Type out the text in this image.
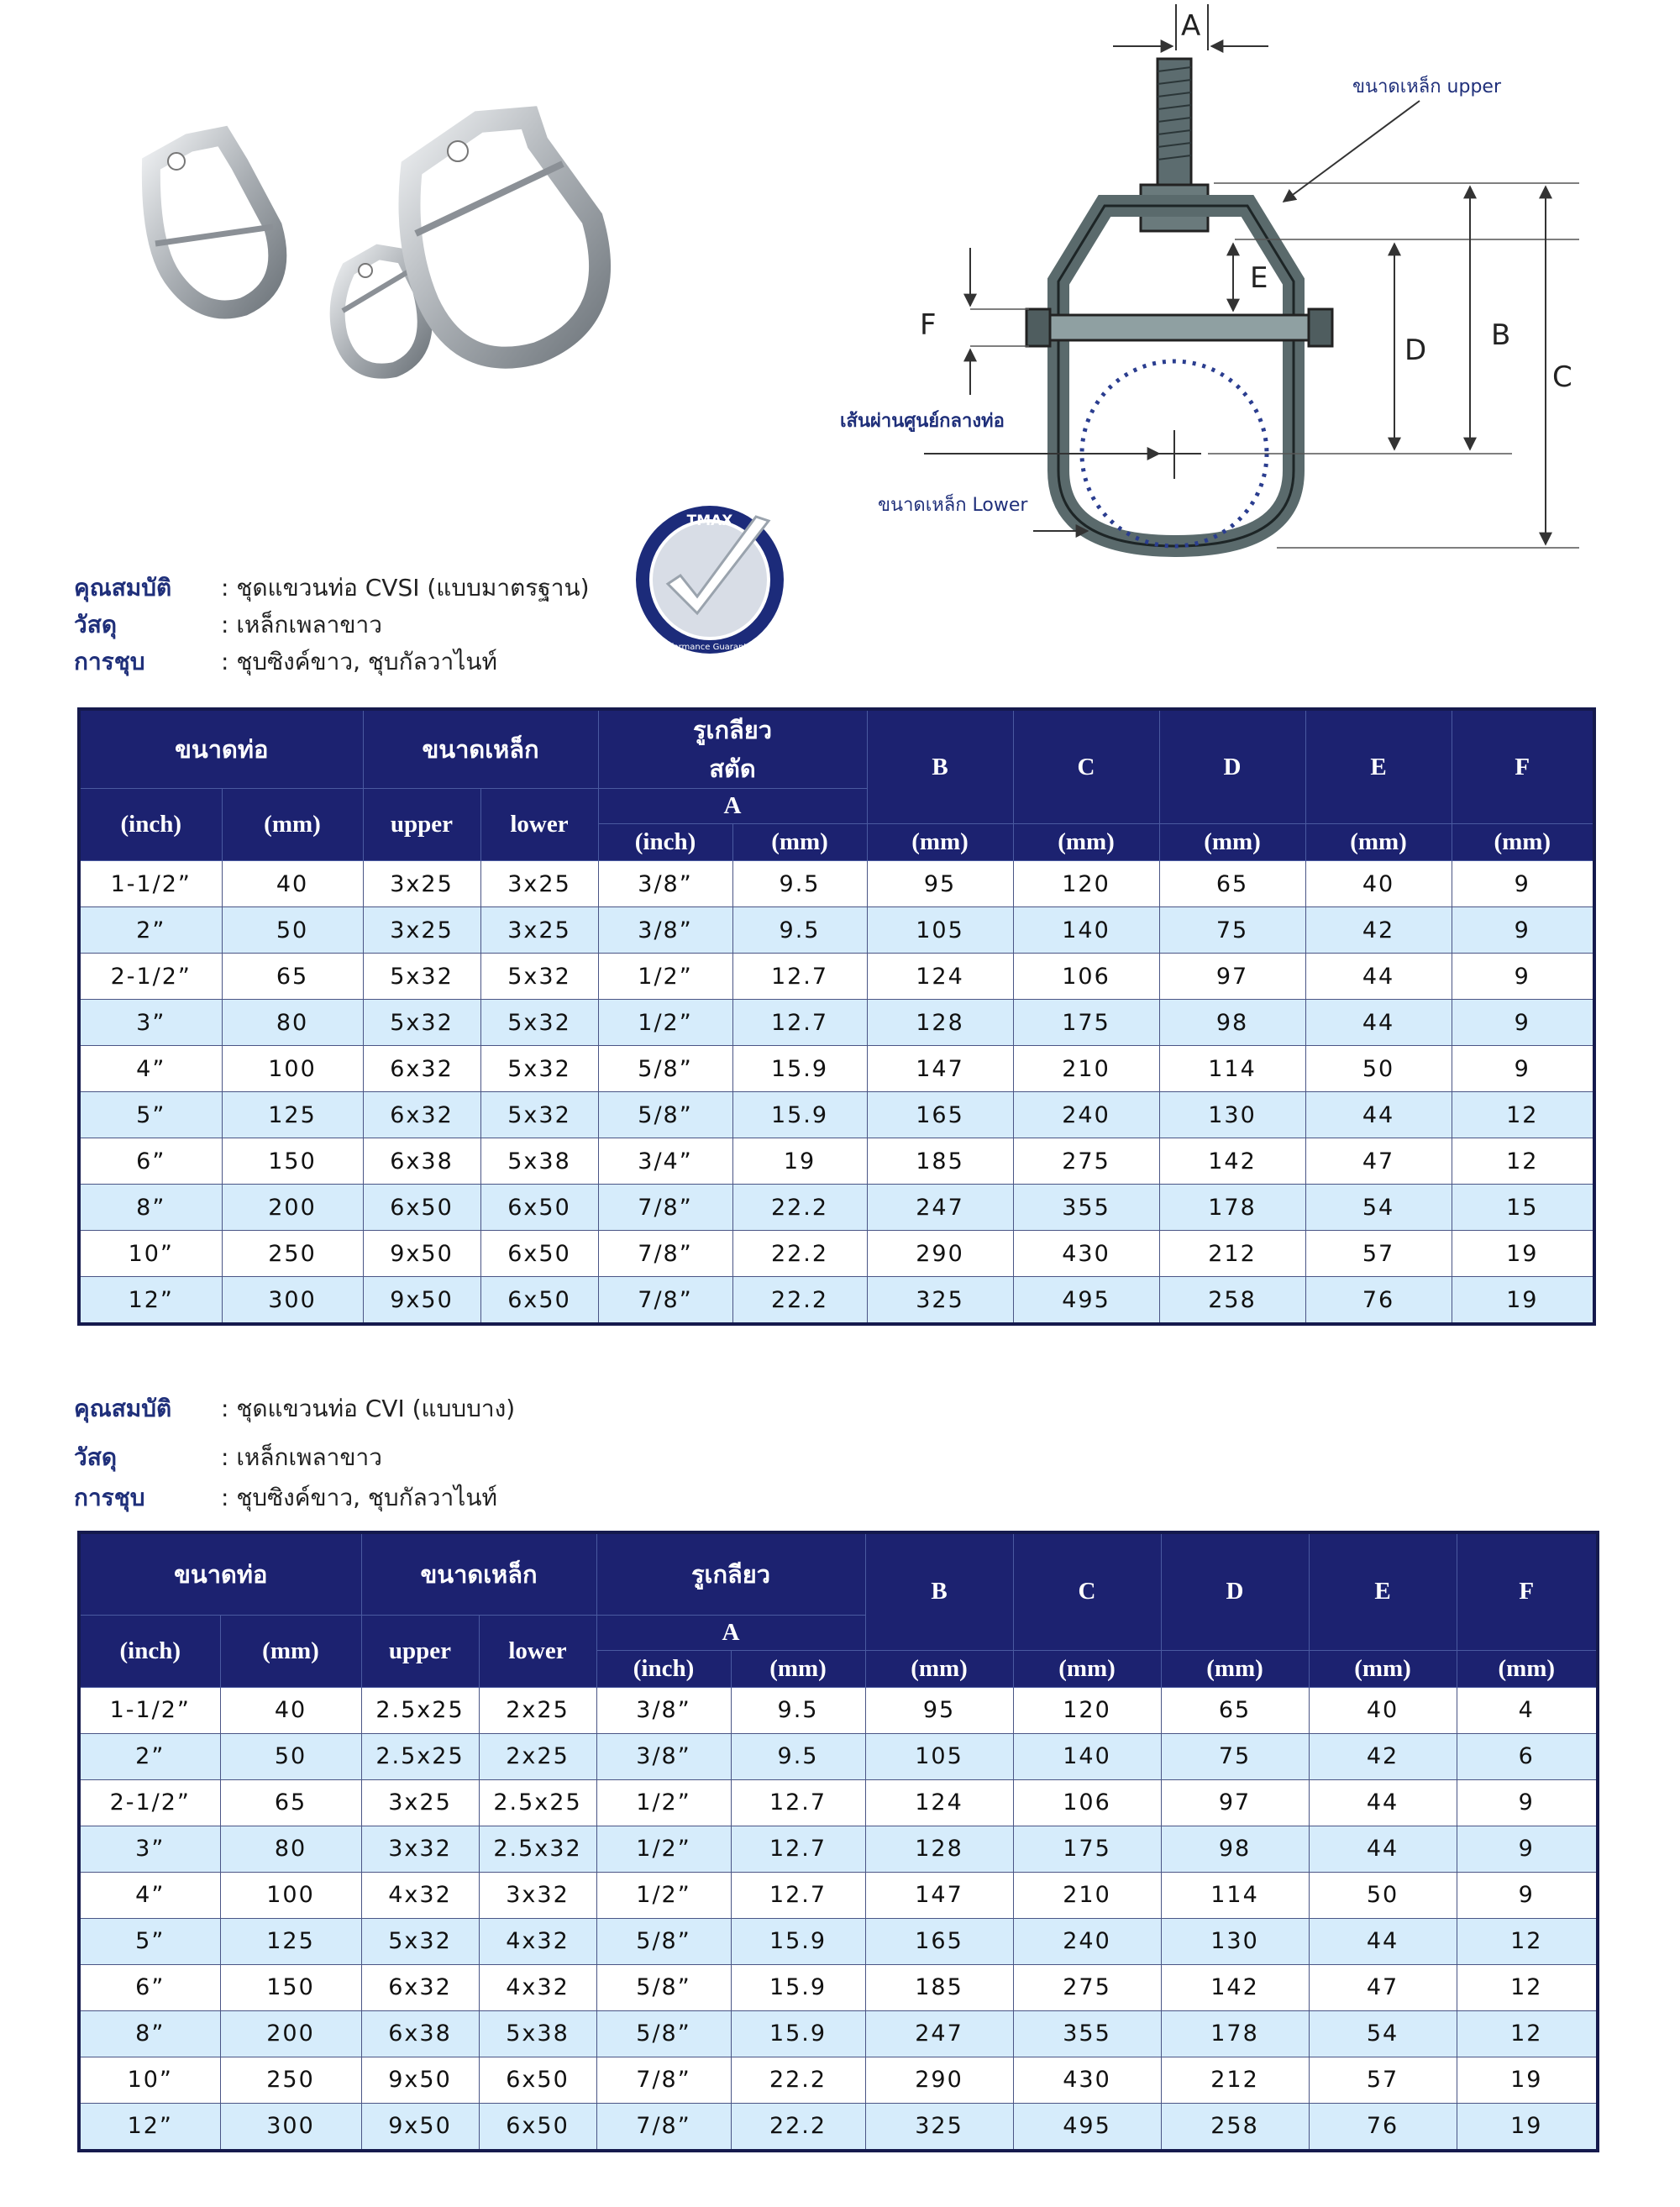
A
E
D B
C
F
ขนาดเหล็ก upper
เส้นผ่านศูนย์กลางท่อ
ขนาดเหล็ก Lower
TMAX
Performance Guaranteed
คุณสมบัติ	: ชุดแขวนท่อ CVSI (แบบมาตรฐาน)
วัสดุ	: เหล็กเพลาขาว
การชุบ	: ชุบซิงค์ขาว, ชุบกัลวาไนท์
ขนาดท่อ		ขนาดเหล็ก		รูเกลียว
สตัด		B	C	D	E	F
(inch)	(mm)	upper	lower	A						
				(inch)	(mm)	(mm)	(mm)	(mm)	(mm)	(mm)
1-1/2”	40	3x25	3x25	3/8”	9.5	95	120	65	40	9
2”	50	3x25	3x25	3/8”	9.5	105	140	75	42	9
2-1/2”	65	5x32	5x32	1/2”	12.7	124	106	97	44	9
3”	80	5x32	5x32	1/2”	12.7	128	175	98	44	9
4”	100	6x32	5x32	5/8”	15.9	147	210	114	50	9
5”	125	6x32	5x32	5/8”	15.9	165	240	130	44	12
6”	150	6x38	5x38	3/4”	19	185	275	142	47	12
8”	200	6x50	6x50	7/8”	22.2	247	355	178	54	15
10”	250	9x50	6x50	7/8”	22.2	290	430	212	57	19
12”	300	9x50	6x50	7/8”	22.2	325	495	258	76	19
คุณสมบัติ	: ชุดแขวนท่อ CVI (แบบบาง)
วัสดุ	: เหล็กเพลาขาว
การชุบ	: ชุบซิงค์ขาว, ชุบกัลวาไนท์
ขนาดท่อ		ขนาดเหล็ก		รูเกลียว		B	C	D	E	F
(inch)	(mm)	upper	lower	A						
				(inch)	(mm)	(mm)	(mm)	(mm)	(mm)	(mm)
1-1/2”	40	2.5x25	2x25	3/8”	9.5	95	120	65	40	4
2”	50	2.5x25	2x25	3/8”	9.5	105	140	75	42	6
2-1/2”	65	3x25	2.5x25	1/2”	12.7	124	106	97	44	9
3”	80	3x32	2.5x32	1/2”	12.7	128	175	98	44	9
4”	100	4x32	3x32	1/2”	12.7	147	210	114	50	9
5”	125	5x32	4x32	5/8”	15.9	165	240	130	44	12
6”	150	6x32	4x32	5/8”	15.9	185	275	142	47	12
8”	200	6x38	5x38	5/8”	15.9	247	355	178	54	12
10”	250	9x50	6x50	7/8”	22.2	290	430	212	57	19
12”	300	9x50	6x50	7/8”	22.2	325	495	258	76	19
